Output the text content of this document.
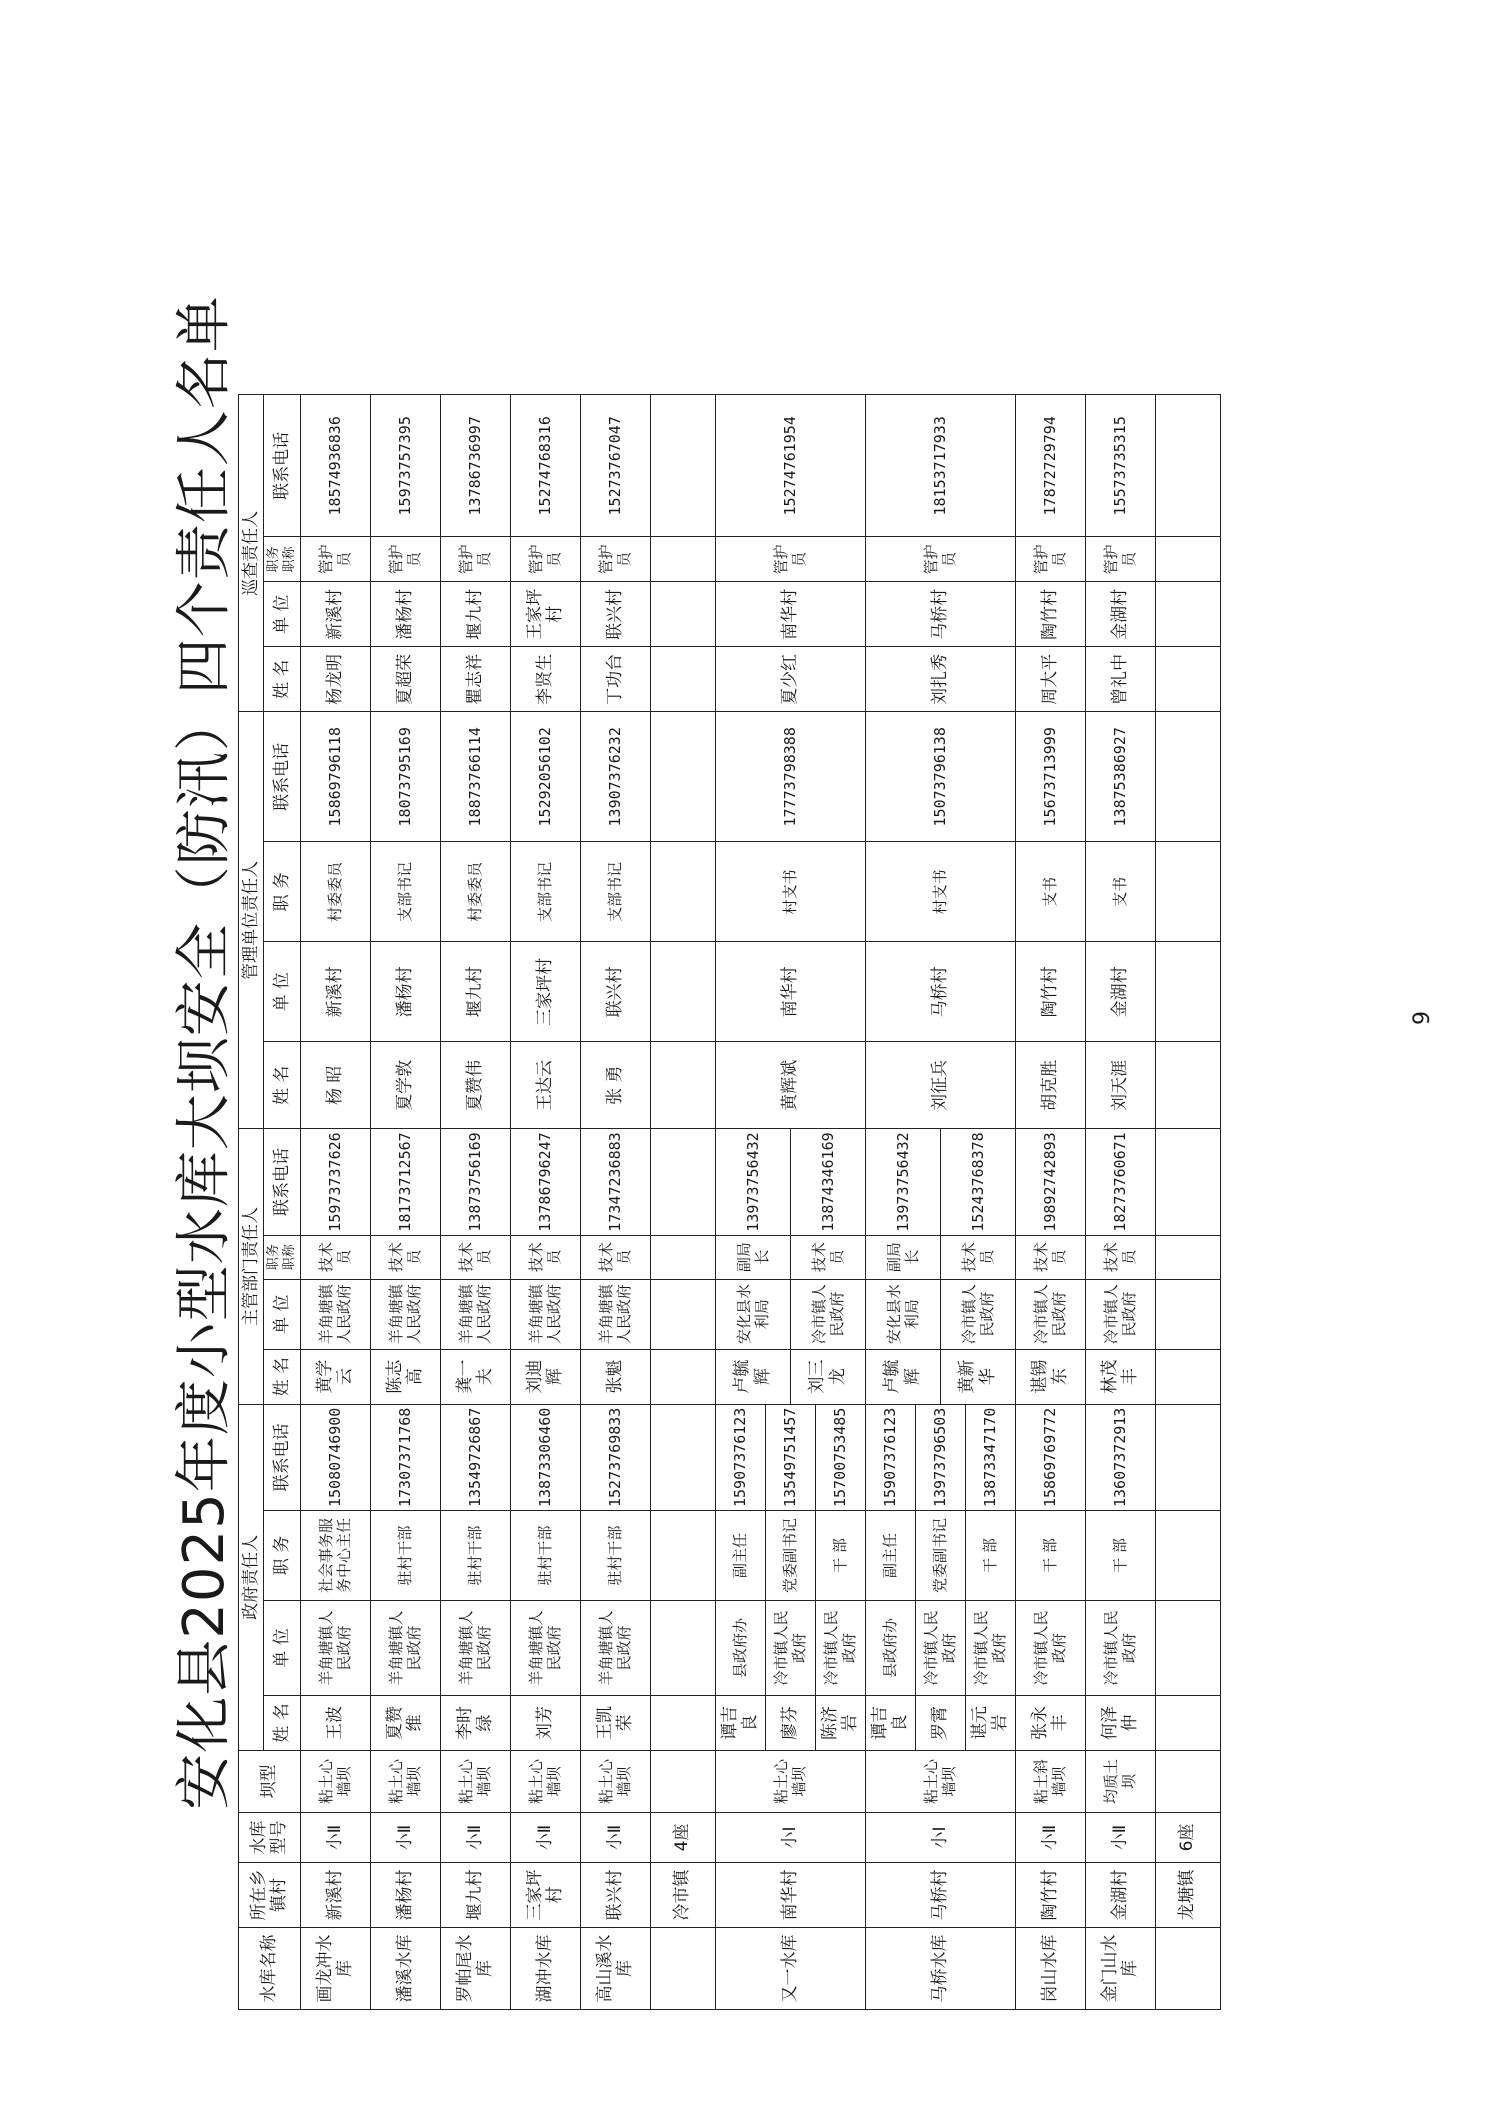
安化县2025年度小型水库大坝安全（防汛）四个责任人名单
水库名称	所在乡镇村	水库型号	坝型	政府责任人				主管部门责任人				管理单位责任人				巡查责任人			
				姓 名	单 位	职 务	联系电话	姓 名	单 位	职务职称	联系电话	姓 名	单 位	职 务	联系电话	姓 名	单 位	职务职称	联系电话
画龙冲水库	新溪村	小Ⅱ	粘土心墙坝	王波	羊角塘镇人民政府	社会事务服务中心主任	15080746900	黄学云	羊角塘镇人民政府	技术员	15973737626	杨 昭	新溪村	村委委员	15869796118	杨龙明	新溪村	管护员	18574936836
潘溪水库	潘杨村	小Ⅱ	粘土心墙坝	夏赞维	羊角塘镇人民政府	驻村干部	17307371768	陈志高	羊角塘镇人民政府	技术员	18173712567	夏学敦	潘杨村	支部书记	18073795169	夏超荣	潘杨村	管护员	15973757395
罗帕尾水库	堰九村	小Ⅱ	粘土心墙坝	李时绿	羊角塘镇人民政府	驻村干部	13549726867	龚一夫	羊角塘镇人民政府	技术员	13873756169	夏赞伟	堰九村	村委委员	18873766114	瞿志祥	堰九村	管护员	13786736997
湖冲水库	三家坪村	小Ⅱ	粘土心墙坝	刘芳	羊角塘镇人民政府	驻村干部	13873306460	刘迪辉	羊角塘镇人民政府	技术员	13786796247	王达云	三家坪村	支部书记	15292056102	李贤生	王家坪村	管护员	15274768316
高山溪水库	联兴村	小Ⅱ	粘土心墙坝	王凯荣	羊角塘镇人民政府	驻村干部	15273769833	张魁	羊角塘镇人民政府	技术员	17347236883	张 勇	联兴村	支部书记	13907376232	丁功台	联兴村	管护员	15273767047
	冷市镇	4座																	
又一水库	南华村	小Ⅰ	粘土心墙坝	谭吉良	县政府办	副主任	15907376123	卢毓辉	安化县水利局	副局长	13973756432	黄辉斌	南华村	村支书	17773798388	夏少红	南华村	管护员	15274761954

				廖芬	冷市镇人民政府	党委副书记	13549751457												
								刘三龙	冷市镇人民政府	技术员	13874346169								
				陈济岩	冷市镇人民政府	干 部	15700753485												

马桥水库	马桥村	小Ⅰ	粘土心墙坝	谭吉良	县政府办	副主任	15907376123	卢毓辉	安化县水利局	副局长	13973756432	刘征兵	马桥村	村支书	15073796138	刘扎秀	马桥村	管护员	18153717933

				罗霄	冷市镇人民政府	党委副书记	13973796503												
								黄新华	冷市镇人民政府	技术员	15243768378								
				谌元岩	冷市镇人民政府	干 部	13873347170												

岗山水库	陶竹村	小Ⅱ	粘土斜墙坝	张永丰	冷市镇人民政府	干 部	15869769772	谌锡东	冷市镇人民政府	技术员	19892742893	胡克胜	陶竹村	支书	15673713999	周大平	陶竹村	管护员	17872729794
金门山水库	金湖村	小Ⅱ	均质土坝	何泽仲	冷市镇人民政府	干 部	13607372913	林茂丰	冷市镇人民政府	技术员	18273760671	刘天涯	金湖村	支书	13875386927	曾礼中	金湖村	管护员	15573735315
	龙塘镇	6座																	
9
